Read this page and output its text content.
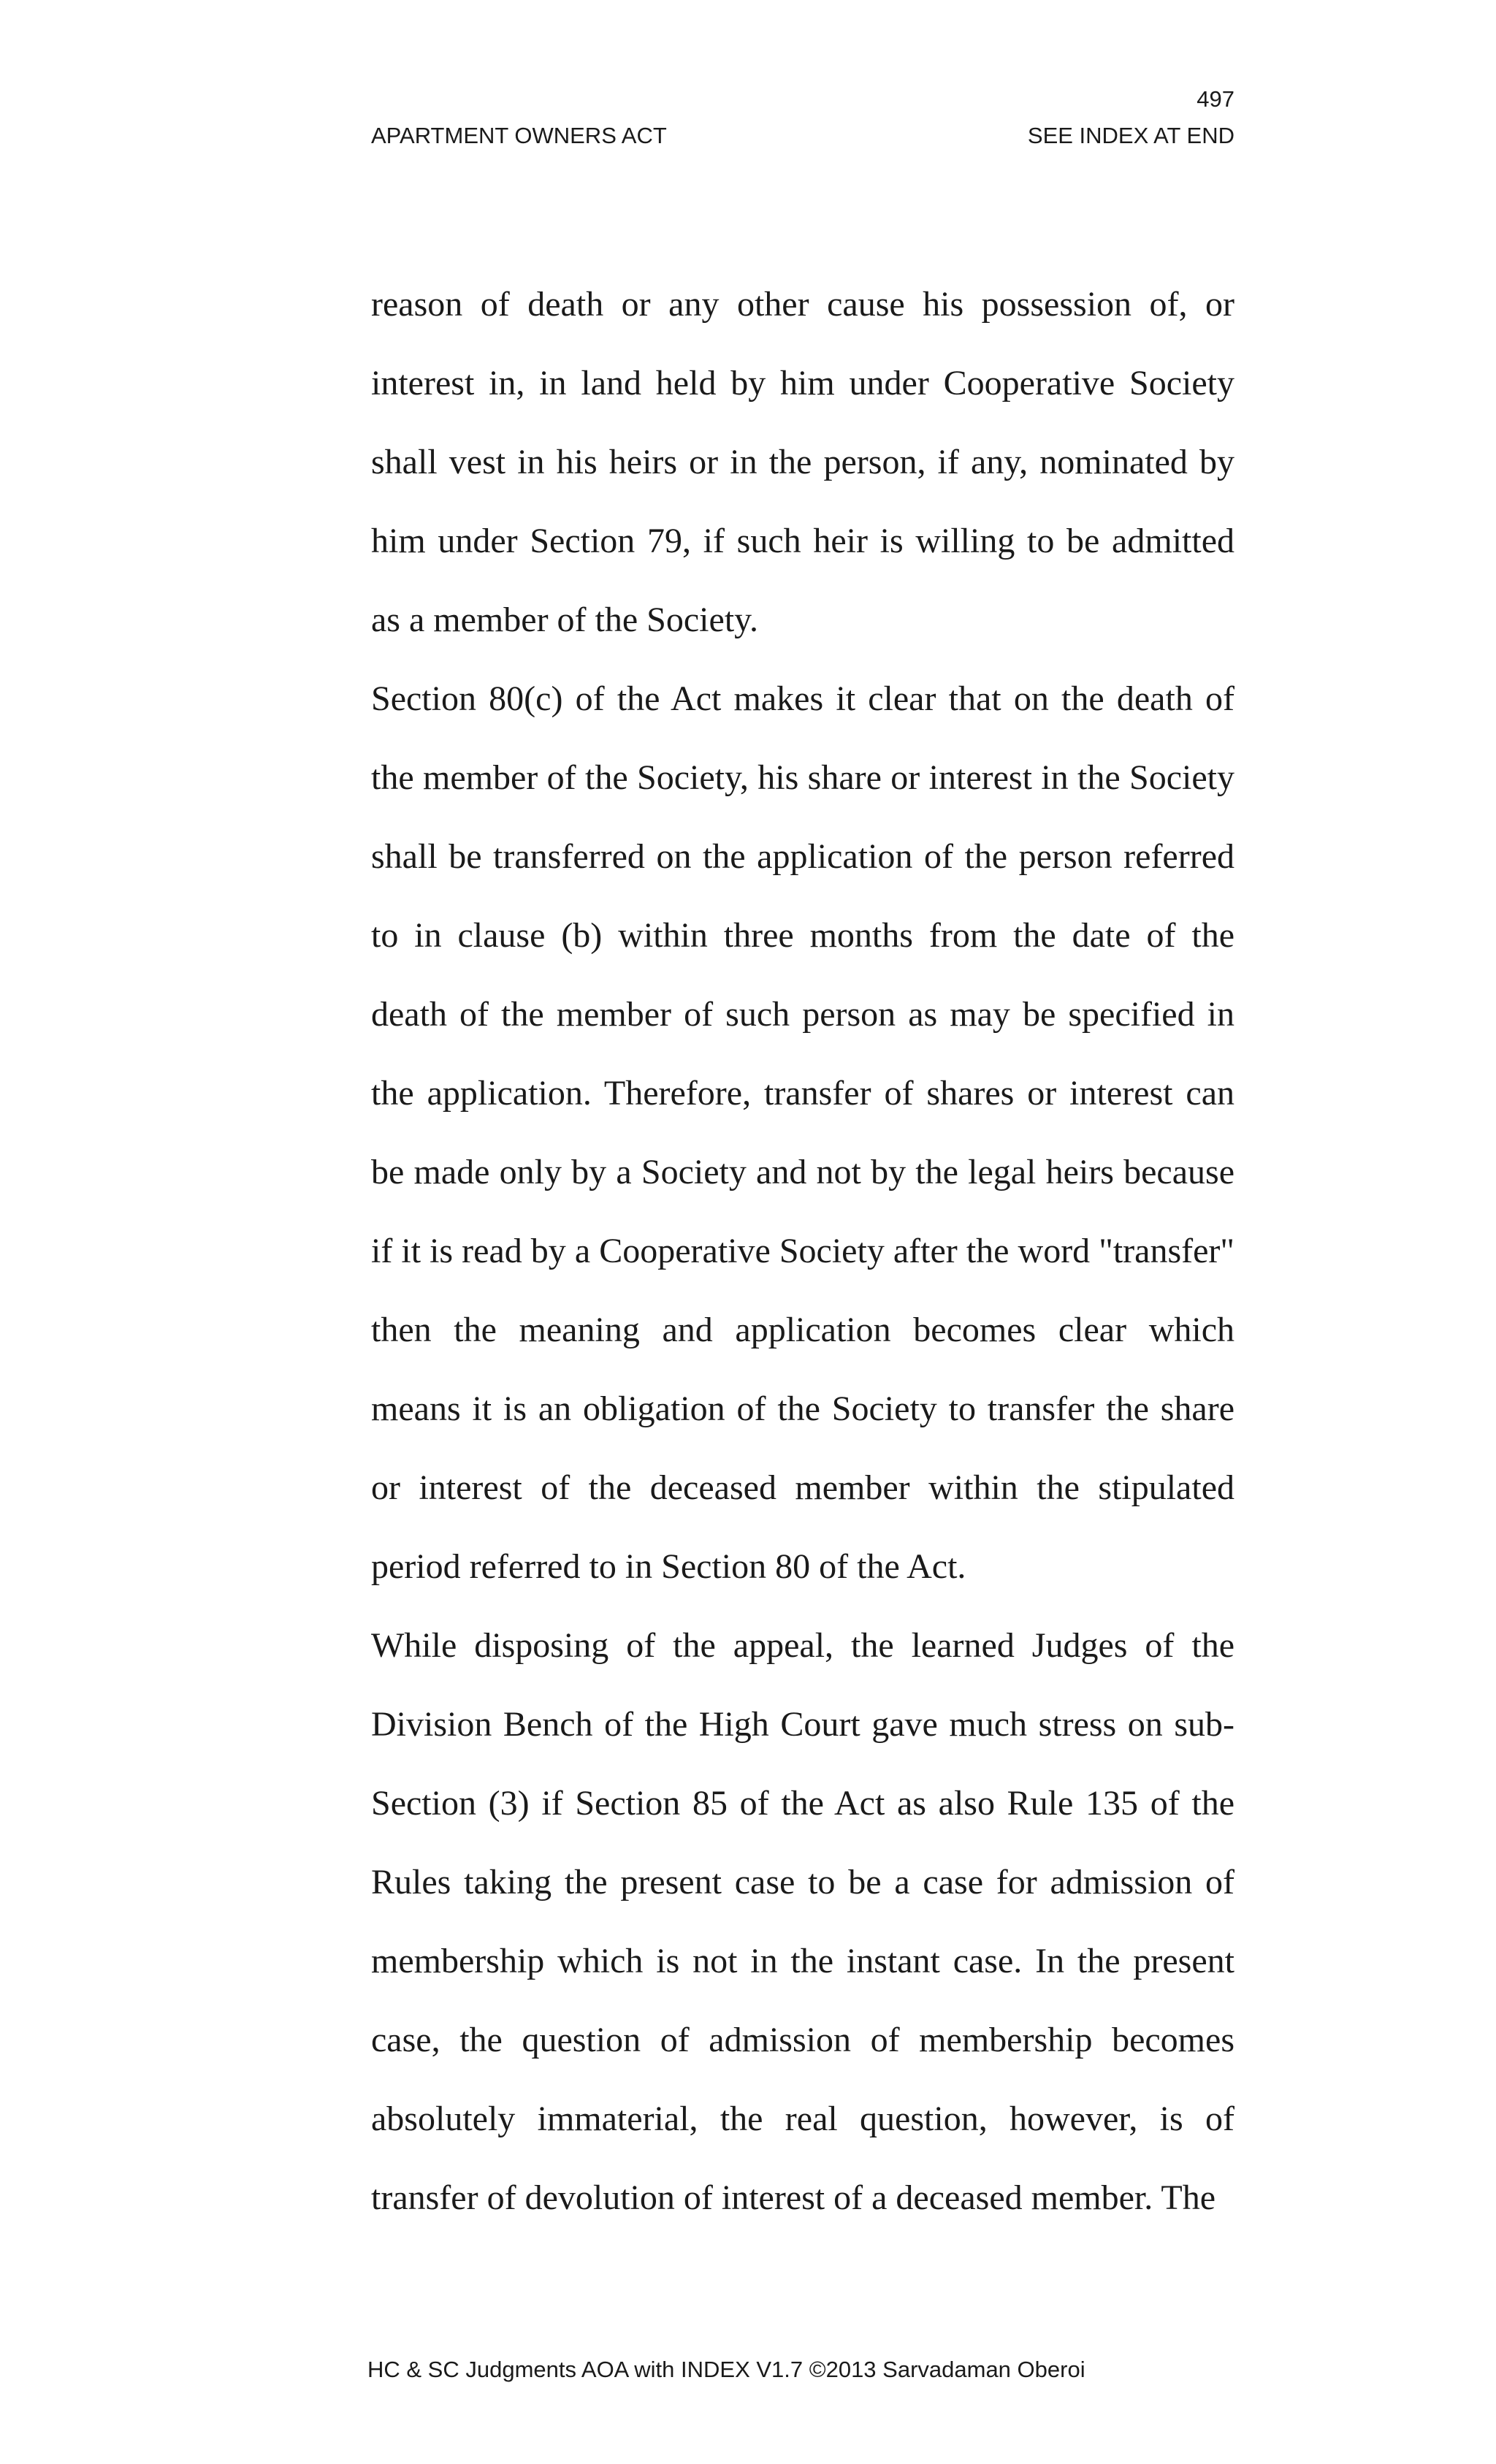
497
APARTMENT OWNERS ACT	SEE INDEX AT END

reason of death or any other cause his possession of, or interest in, in land held by him under Cooperative Society shall vest in his heirs or in the person, if any, nominated by him under Section 79, if such heir is willing to be admitted as a member of the Society.

Section 80(c) of the Act makes it clear that on the death of the member of the Society, his share or interest in the Society shall be transferred on the application of the person referred to in clause (b) within three months from the date of the death of the member of such person as may be specified in the application. Therefore, transfer of shares or interest can be made only by a Society and not by the legal heirs because if it is read by a Cooperative Society after the word "transfer" then the meaning and application becomes clear which means it is an obligation of the Society to transfer the share or interest of the deceased member within the stipulated period referred to in Section 80 of the Act.

While disposing of the appeal, the learned Judges of the Division Bench of the High Court gave much stress on sub-Section (3) if Section 85 of the Act as also Rule 135 of the Rules taking the present case to be a case for admission of membership which is not in the instant case. In the present case, the question of admission of membership becomes absolutely immaterial, the real question, however, is of transfer of devolution of interest of a deceased member. The

HC & SC Judgments AOA with INDEX V1.7 ©2013 Sarvadaman Oberoi
